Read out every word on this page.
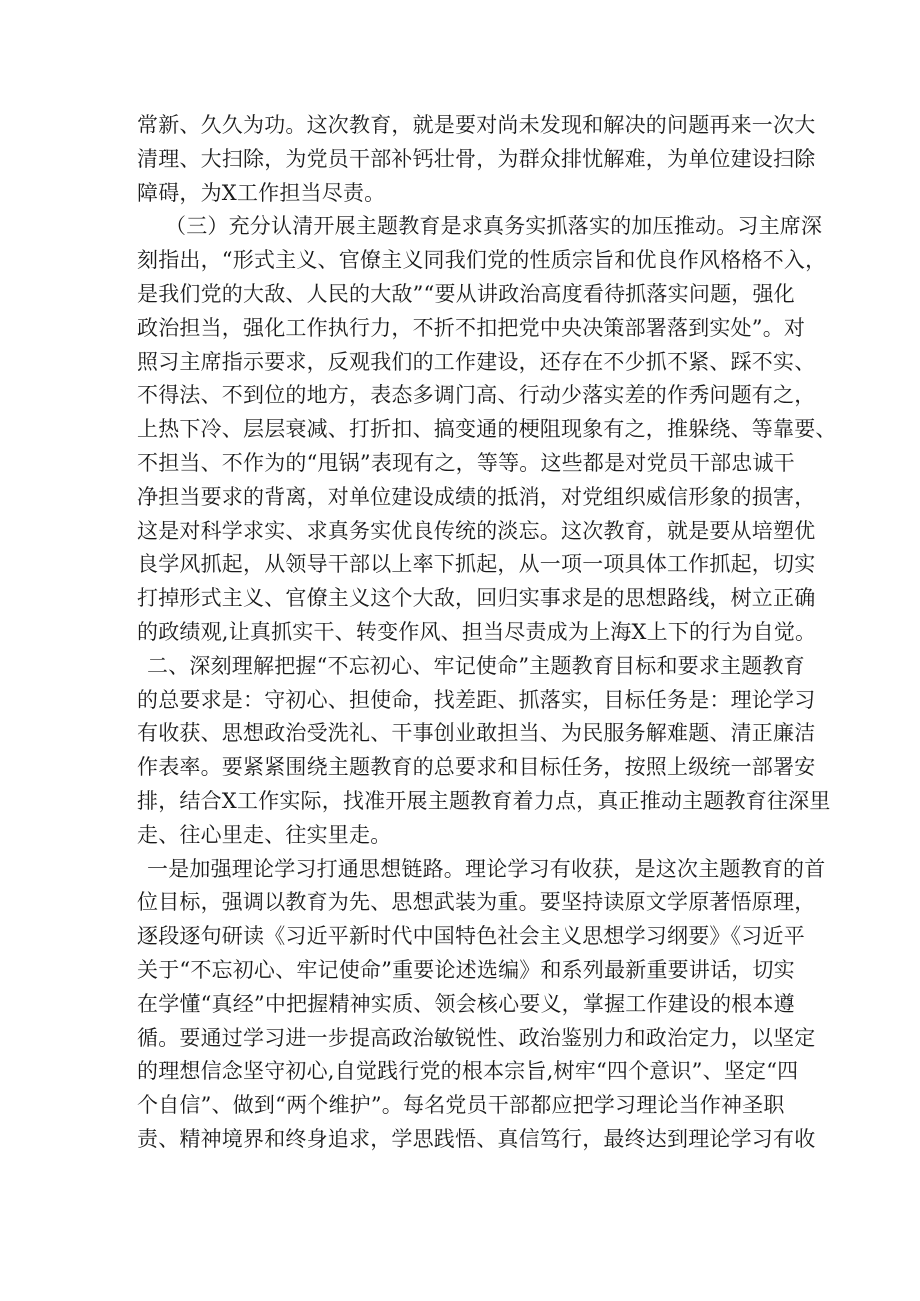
常新、久久为功。这次教育，就是要对尚未发现和解决的问题再来一次大
清理、大扫除，为党员干部补钙壮骨，为群众排忧解难，为单位建设扫除
障碍，为X工作担当尽责。
（三）充分认清开展主题教育是求真务实抓落实的加压推动。习主席深
刻指出，“形式主义、官僚主义同我们党的性质宗旨和优良作风格格不入，
是我们党的大敌、人民的大敌”“要从讲政治高度看待抓落实问题，强化
政治担当，强化工作执行力，不折不扣把党中央决策部署落到实处”。对
照习主席指示要求，反观我们的工作建设，还存在不少抓不紧、踩不实、
不得法、不到位的地方，表态多调门高、行动少落实差的作秀问题有之，
上热下冷、层层衰减、打折扣、搞变通的梗阻现象有之，推躲绕、等靠要、
不担当、不作为的“甩锅”表现有之，等等。这些都是对党员干部忠诚干
净担当要求的背离，对单位建设成绩的抵消，对党组织威信形象的损害，
这是对科学求实、求真务实优良传统的淡忘。这次教育，就是要从培塑优
良学风抓起，从领导干部以上率下抓起，从一项一项具体工作抓起，切实
打掉形式主义、官僚主义这个大敌，回归实事求是的思想路线，树立正确
的政绩观,让真抓实干、转变作风、担当尽责成为上海X上下的行为自觉。
二、深刻理解把握“不忘初心、牢记使命”主题教育目标和要求主题教育
的总要求是：守初心、担使命，找差距、抓落实，目标任务是：理论学习
有收获、思想政治受洗礼、干事创业敢担当、为民服务解难题、清正廉洁
作表率。要紧紧围绕主题教育的总要求和目标任务，按照上级统一部署安
排，结合X工作实际，找准开展主题教育着力点，真正推动主题教育往深里
走、往心里走、往实里走。
一是加强理论学习打通思想链路。理论学习有收获，是这次主题教育的首
位目标，强调以教育为先、思想武装为重。要坚持读原文学原著悟原理，
逐段逐句研读《习近平新时代中国特色社会主义思想学习纲要》《习近平
关于“不忘初心、牢记使命”重要论述选编》和系列最新重要讲话，切实
在学懂“真经”中把握精神实质、领会核心要义，掌握工作建设的根本遵
循。要通过学习进一步提高政治敏锐性、政治鉴别力和政治定力，以坚定
的理想信念坚守初心,自觉践行党的根本宗旨,树牢“四个意识”、坚定“四
个自信”、做到“两个维护”。每名党员干部都应把学习理论当作神圣职
责、精神境界和终身追求，学思践悟、真信笃行，最终达到理论学习有收
